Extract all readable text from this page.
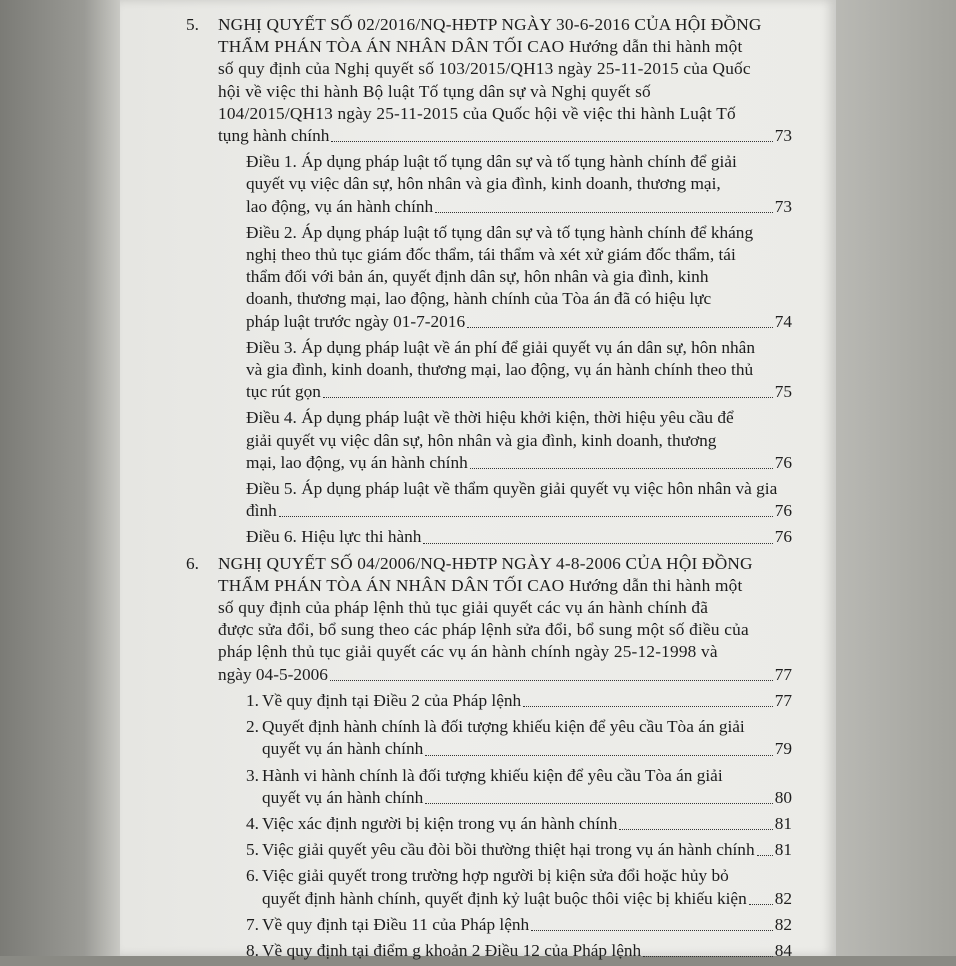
5. NGHỊ QUYẾT SỐ 02/2016/NQ-HĐTP NGÀY 30-6-2016 CỦA HỘI ĐỒNG
THẨM PHÁN TÒA ÁN NHÂN DÂN TỐI CAO Hướng dẫn thi hành một
số quy định của Nghị quyết số 103/2015/QH13 ngày 25-11-2015 của Quốc
hội về việc thi hành Bộ luật Tố tụng dân sự và Nghị quyết số
104/2015/QH13 ngày 25-11-2015 của Quốc hội về việc thi hành Luật Tố
tụng hành chính	73
Điều 1. Áp dụng pháp luật tố tụng dân sự và tố tụng hành chính để giải
quyết vụ việc dân sự, hôn nhân và gia đình, kinh doanh, thương mại,
lao động, vụ án hành chính	73
Điều 2. Áp dụng pháp luật tố tụng dân sự và tố tụng hành chính để kháng
nghị theo thủ tục giám đốc thẩm, tái thẩm và xét xử giám đốc thẩm, tái
thẩm đối với bản án, quyết định dân sự, hôn nhân và gia đình, kinh
doanh, thương mại, lao động, hành chính của Tòa án đã có hiệu lực
pháp luật trước ngày 01-7-2016	74
Điều 3. Áp dụng pháp luật về án phí để giải quyết vụ án dân sự, hôn nhân
và gia đình, kinh doanh, thương mại, lao động, vụ án hành chính theo thủ
tục rút gọn	75
Điều 4. Áp dụng pháp luật về thời hiệu khởi kiện, thời hiệu yêu cầu để
giải quyết vụ việc dân sự, hôn nhân và gia đình, kinh doanh, thương
mại, lao động, vụ án hành chính	76
Điều 5. Áp dụng pháp luật về thẩm quyền giải quyết vụ việc hôn nhân và gia
đình	76
Điều 6. Hiệu lực thi hành	76
6. NGHỊ QUYẾT SỐ 04/2006/NQ-HĐTP NGÀY 4-8-2006 CỦA HỘI ĐỒNG
THẨM PHÁN TÒA ÁN NHÂN DÂN TỐI CAO Hướng dẫn thi hành một
số quy định của pháp lệnh thủ tục giải quyết các vụ án hành chính đã
được sửa đổi, bổ sung theo các pháp lệnh sửa đổi, bổ sung một số điều của
pháp lệnh thủ tục giải quyết các vụ án hành chính ngày 25-12-1998 và
ngày 04-5-2006	77
1. Về quy định tại Điều 2 của Pháp lệnh	77
2. Quyết định hành chính là đối tượng khiếu kiện để yêu cầu Tòa án giải
quyết vụ án hành chính	79
3. Hành vi hành chính là đối tượng khiếu kiện để yêu cầu Tòa án giải
quyết vụ án hành chính	80
4. Việc xác định người bị kiện trong vụ án hành chính	81
5. Việc giải quyết yêu cầu đòi bồi thường thiệt hại trong vụ án hành chính 81
6. Việc giải quyết trong trường hợp người bị kiện sửa đổi hoặc hủy bỏ
quyết định hành chính, quyết định kỷ luật buộc thôi việc bị khiếu kiện 82
7. Về quy định tại Điều 11 của Pháp lệnh	82
8. Về quy định tại điểm g khoản 2 Điều 12 của Pháp lệnh	84
